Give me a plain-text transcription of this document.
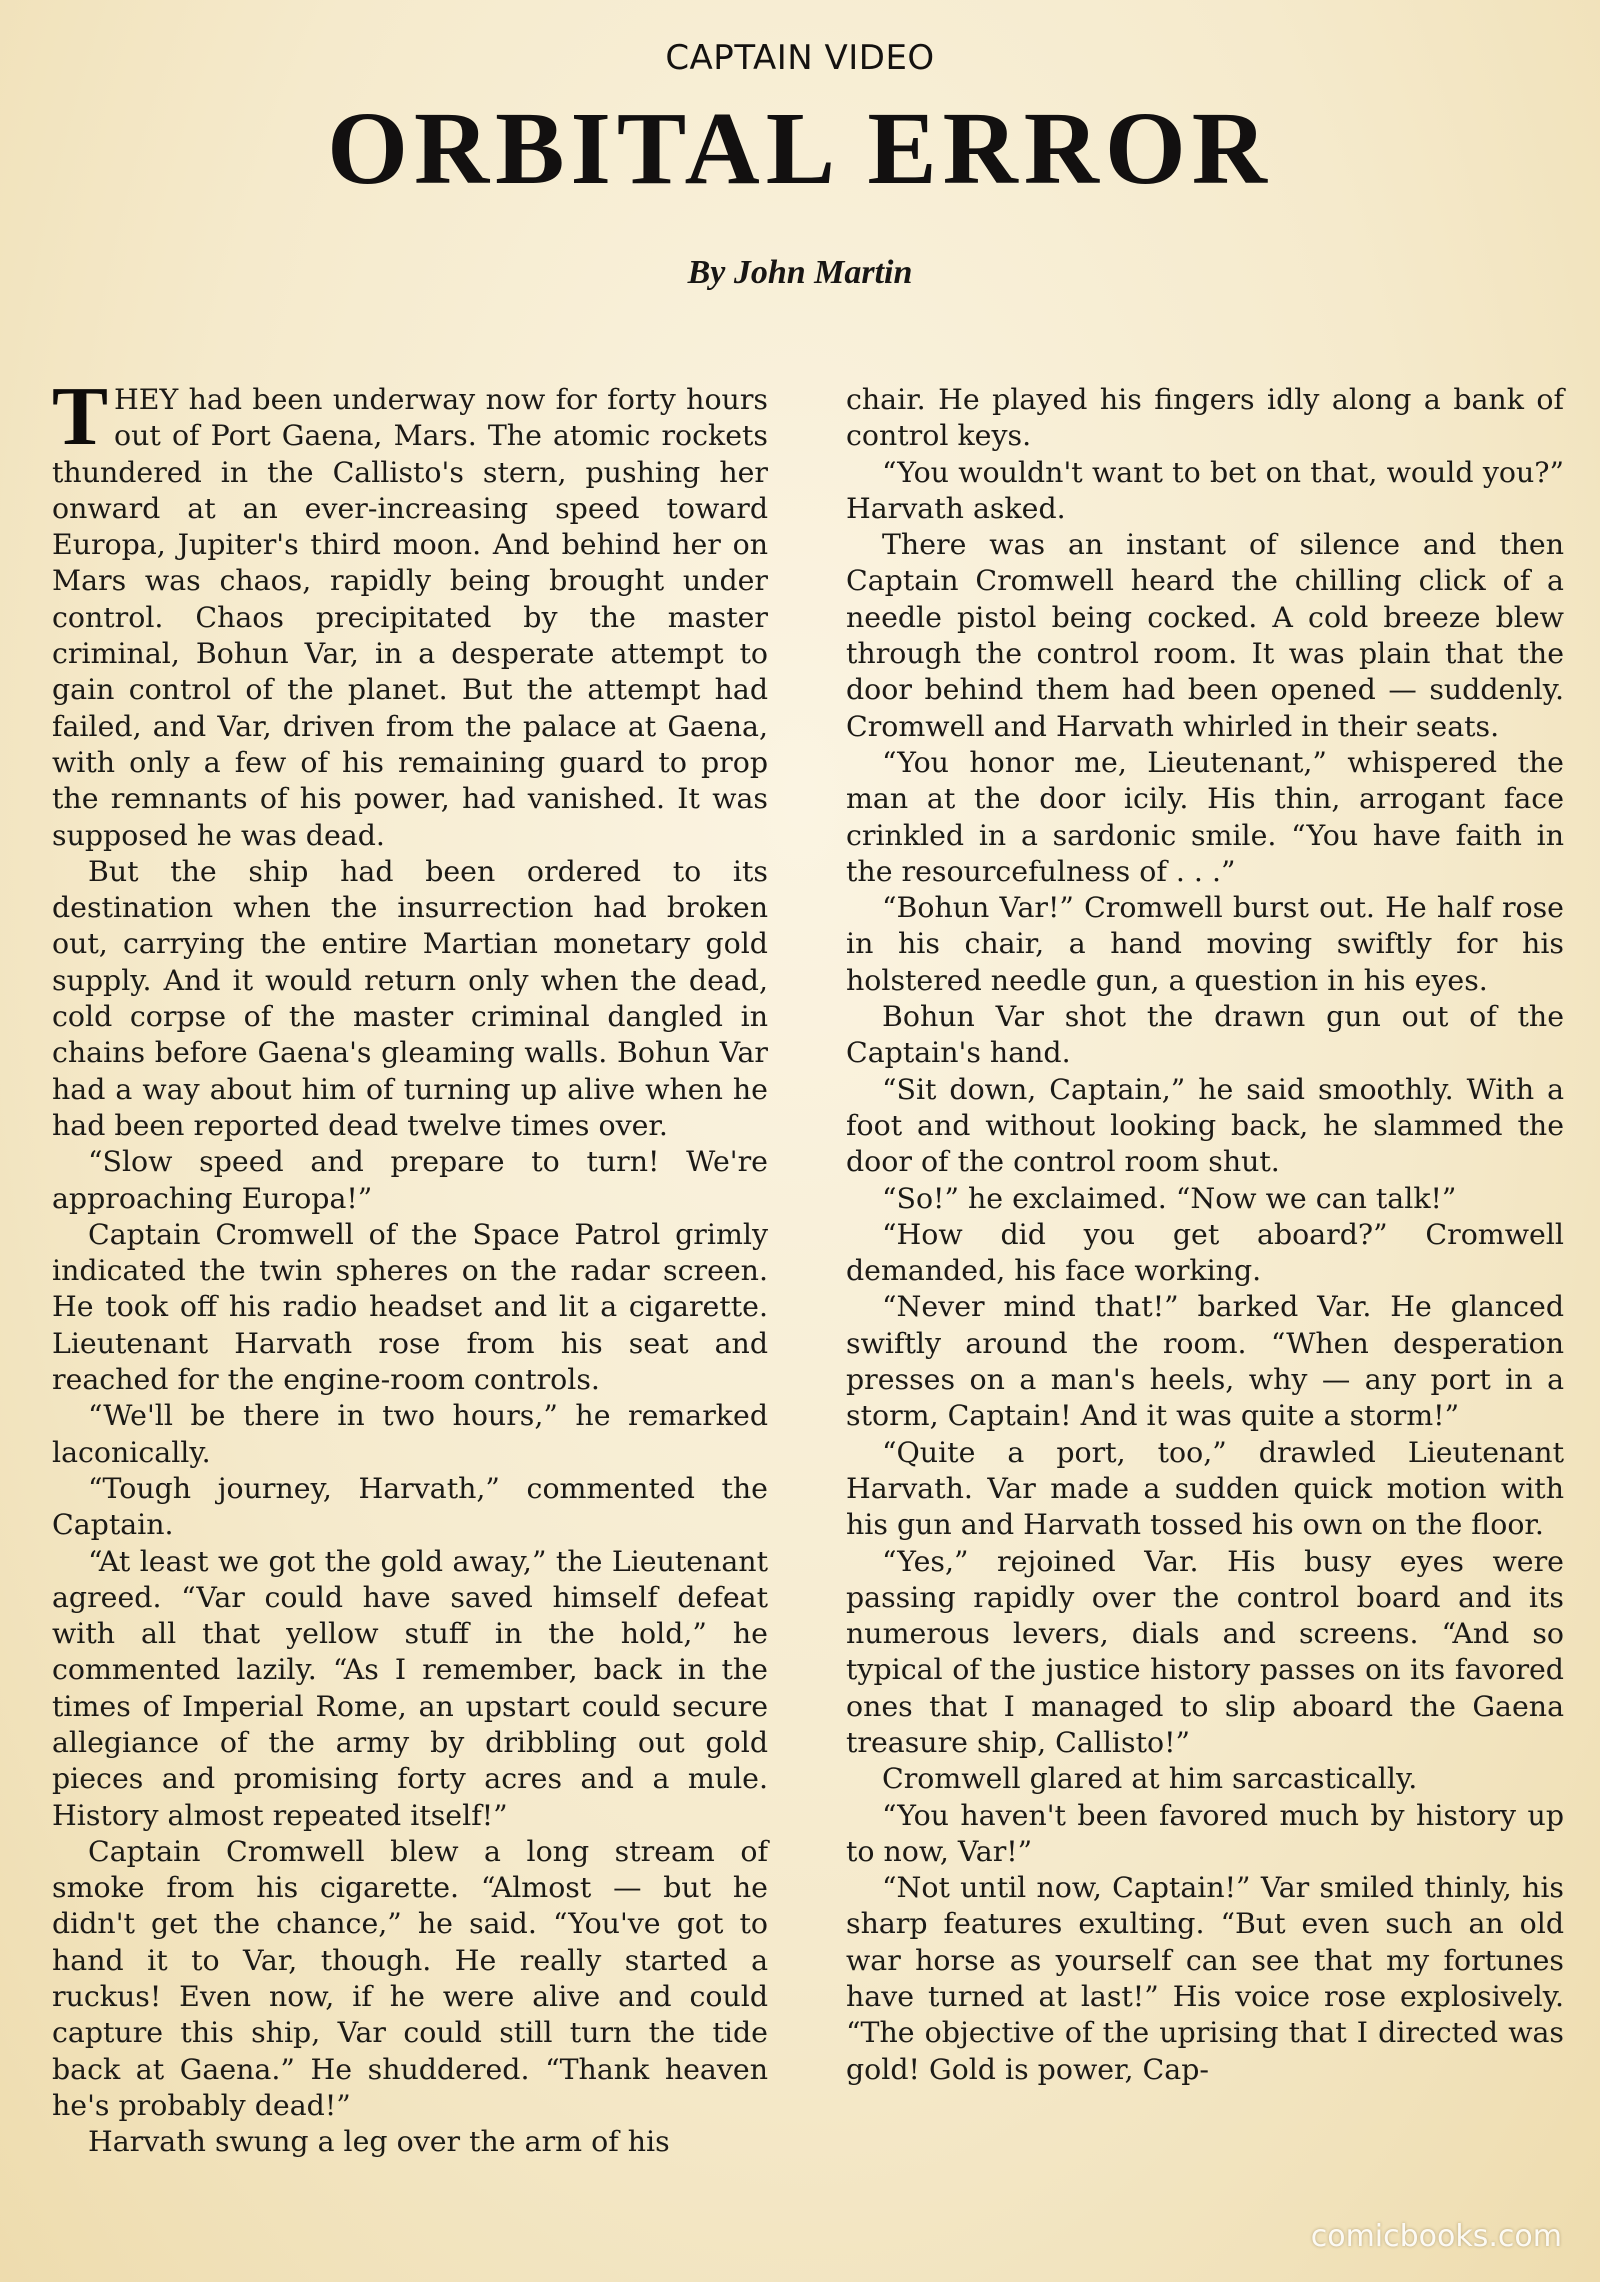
CAPTAIN VIDEO
ORBITAL ERROR
By John Martin

THEY had been underway now for forty hours out of Port Gaena, Mars. The atomic rockets thundered in the Callisto's stern, pushing her onward at an ever-increasing speed toward Europa, Jupiter's third moon. And behind her on Mars was chaos, rapidly being brought under control. Chaos precipitated by the master criminal, Bohun Var, in a desperate attempt to gain control of the planet. But the attempt had failed, and Var, driven from the palace at Gaena, with only a few of his remaining guard to prop the remnants of his power, had vanished. It was supposed he was dead.

But the ship had been ordered to its destination when the insurrection had broken out, carrying the entire Martian monetary gold supply. And it would return only when the dead, cold corpse of the master criminal dangled in chains before Gaena's gleaming walls. Bohun Var had a way about him of turning up alive when he had been reported dead twelve times over.

“Slow speed and prepare to turn! We're approaching Europa!”

Captain Cromwell of the Space Patrol grimly indicated the twin spheres on the radar screen. He took off his radio headset and lit a cigarette. Lieutenant Harvath rose from his seat and reached for the engine-room controls.

“We'll be there in two hours,” he remarked laconically.

“Tough journey, Harvath,” commented the Captain.

“At least we got the gold away,” the Lieutenant agreed. “Var could have saved himself defeat with all that yellow stuff in the hold,” he commented lazily. “As I remember, back in the times of Imperial Rome, an upstart could secure allegiance of the army by dribbling out gold pieces and promising forty acres and a mule. History almost repeated itself!”

Captain Cromwell blew a long stream of smoke from his cigarette. “Almost — but he didn't get the chance,” he said. “You've got to hand it to Var, though. He really started a ruckus! Even now, if he were alive and could capture this ship, Var could still turn the tide back at Gaena.” He shuddered. “Thank heaven he's probably dead!”

Harvath swung a leg over the arm of his

chair. He played his fingers idly along a bank of control keys.

“You wouldn't want to bet on that, would you?” Harvath asked.

There was an instant of silence and then Captain Cromwell heard the chilling click of a needle pistol being cocked. A cold breeze blew through the control room. It was plain that the door behind them had been opened — suddenly. Cromwell and Harvath whirled in their seats.

“You honor me, Lieutenant,” whispered the man at the door icily. His thin, arrogant face crinkled in a sardonic smile. “You have faith in the resourcefulness of . . .”

“Bohun Var!” Cromwell burst out. He half rose in his chair, a hand moving swiftly for his holstered needle gun, a question in his eyes.

Bohun Var shot the drawn gun out of the Captain's hand.

“Sit down, Captain,” he said smoothly. With a foot and without looking back, he slammed the door of the control room shut.

“So!” he exclaimed. “Now we can talk!”

“How did you get aboard?” Cromwell demanded, his face working.

“Never mind that!” barked Var. He glanced swiftly around the room. “When desperation presses on a man's heels, why — any port in a storm, Captain! And it was quite a storm!”

“Quite a port, too,” drawled Lieutenant Harvath. Var made a sudden quick motion with his gun and Harvath tossed his own on the floor.

“Yes,” rejoined Var. His busy eyes were passing rapidly over the control board and its numerous levers, dials and screens. “And so typical of the justice history passes on its favored ones that I managed to slip aboard the Gaena treasure ship, Callisto!”

Cromwell glared at him sarcastically.

“You haven't been favored much by history up to now, Var!”

“Not until now, Captain!” Var smiled thinly, his sharp features exulting. “But even such an old war horse as yourself can see that my fortunes have turned at last!” His voice rose explosively. “The objective of the uprising that I directed was gold! Gold is power, Cap-

comicbooks.com
